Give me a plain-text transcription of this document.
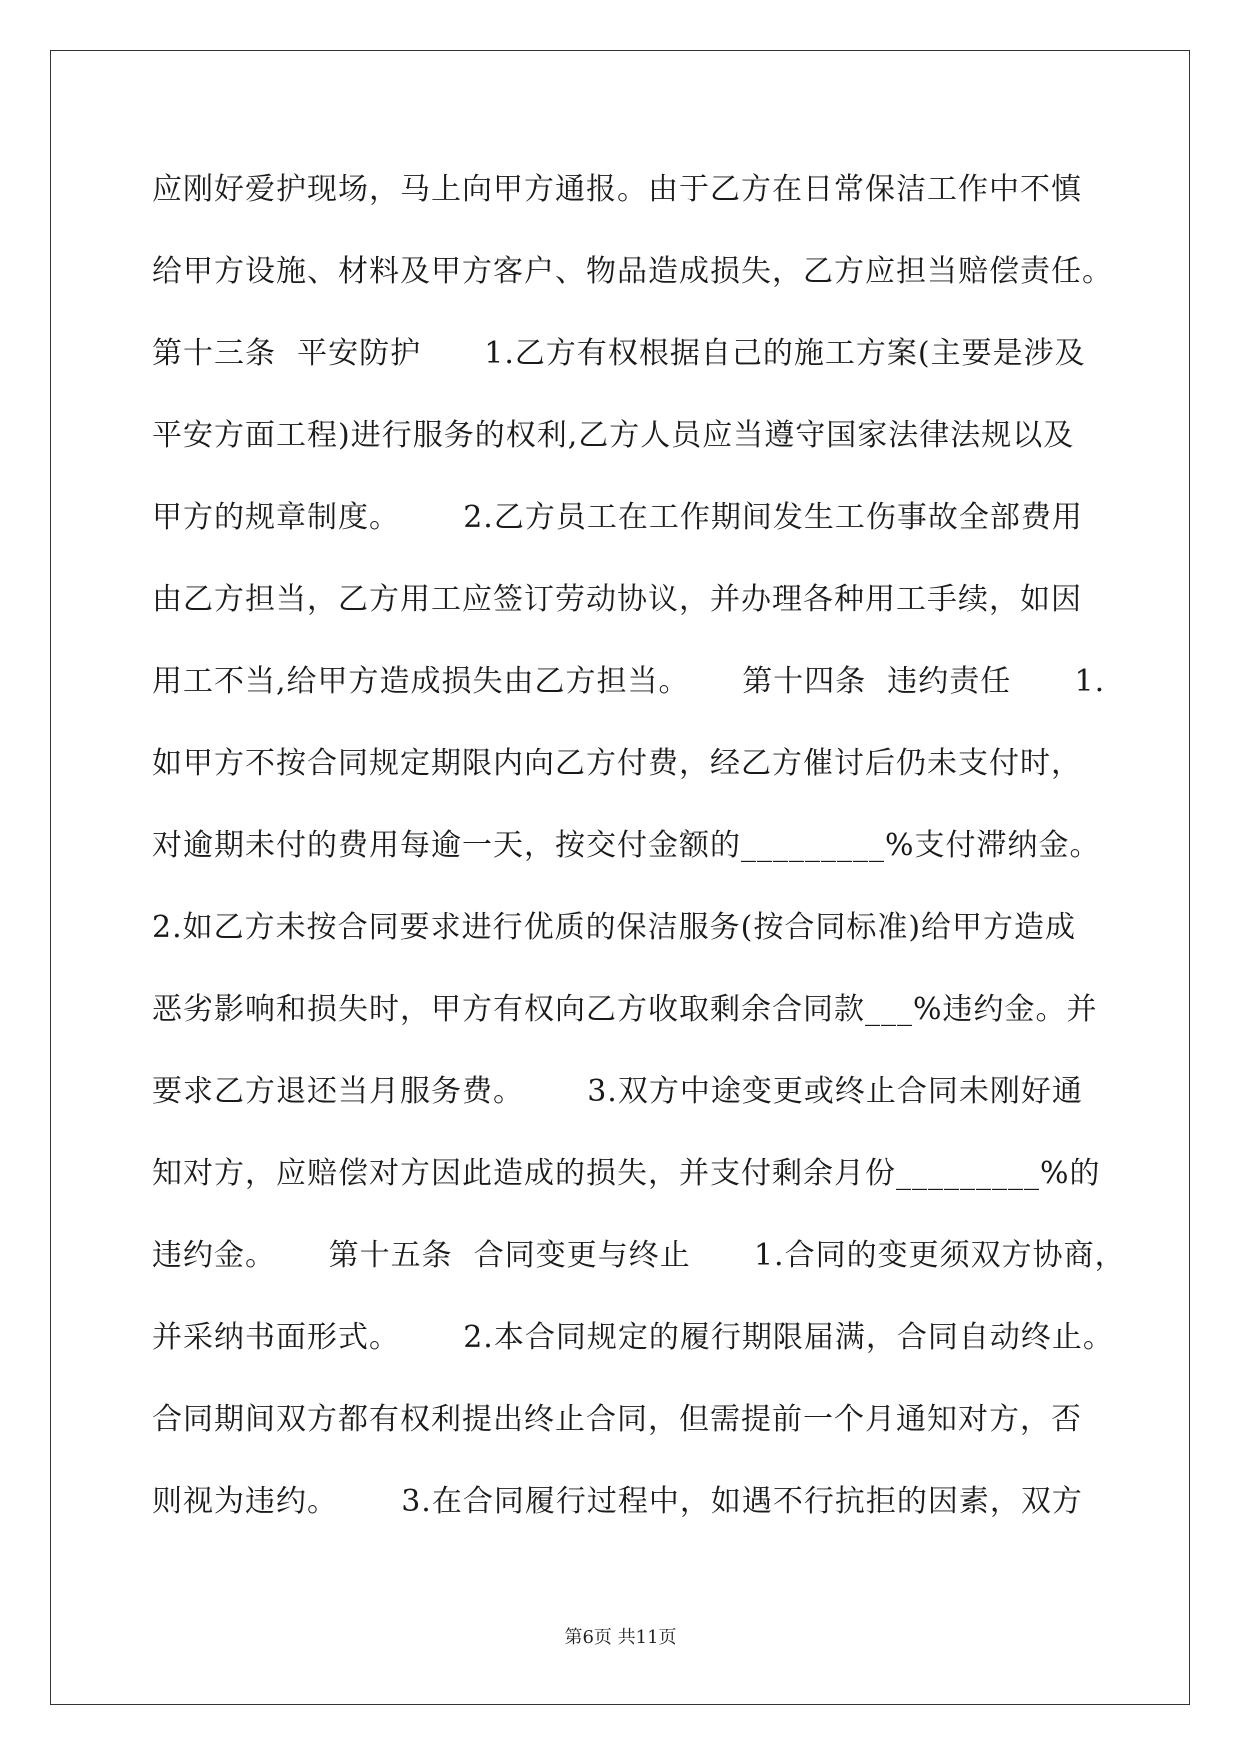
应刚好爱护现场，马上向甲方通报。由于乙方在日常保洁工作中不慎
给甲方设施、材料及甲方客户、物品造成损失，乙方应担当赔偿责任。
第十三条  平安防护      1.乙方有权根据自己的施工方案(主要是涉及
平安方面工程)进行服务的权利,乙方人员应当遵守国家法律法规以及
甲方的规章制度。      2.乙方员工在工作期间发生工伤事故全部费用
由乙方担当，乙方用工应签订劳动协议，并办理各种用工手续，如因
用工不当,给甲方造成损失由乙方担当。     第十四条  违约责任      1.
如甲方不按合同规定期限内向乙方付费，经乙方催讨后仍未支付时，
对逾期未付的费用每逾一天，按交付金额的_________%支付滞纳金。
2.如乙方未按合同要求进行优质的保洁服务(按合同标准)给甲方造成
恶劣影响和损失时，甲方有权向乙方收取剩余合同款___%违约金。并
要求乙方退还当月服务费。      3.双方中途变更或终止合同未刚好通
知对方，应赔偿对方因此造成的损失，并支付剩余月份_________%的
违约金。     第十五条  合同变更与终止      1.合同的变更须双方协商，
并采纳书面形式。      2.本合同规定的履行期限届满，合同自动终止。
合同期间双方都有权利提出终止合同，但需提前一个月通知对方，否
则视为违约。      3.在合同履行过程中，如遇不行抗拒的因素，双方
第6页 共11页
